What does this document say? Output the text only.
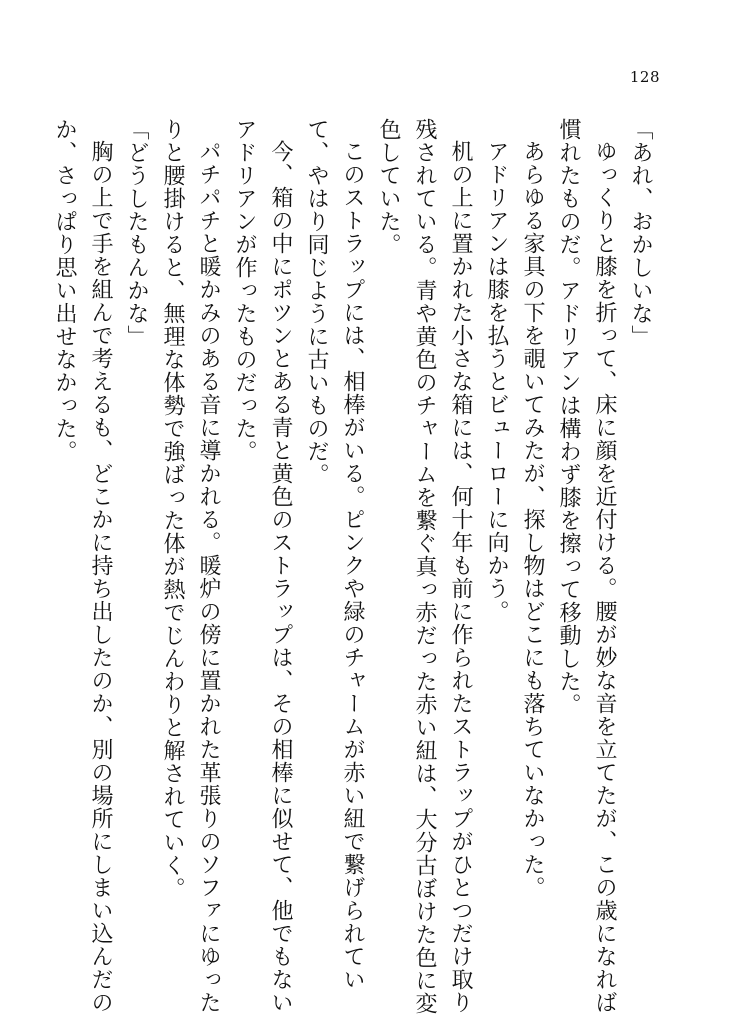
128

「あれ、おかしいな」

ゆっくりと膝を折って、床に顔を近付ける。腰が妙な音を立てたが、この歳になれば

慣れたものだ。アドリアンは構わず膝を擦って移動した。

あらゆる家具の下を覗いてみたが、探し物はどこにも落ちていなかった。

アドリアンは膝を払うとビューローに向かう。

机の上に置かれた小さな箱には、何十年も前に作られたストラップがひとつだけ取り

残されている。青や黄色のチャームを繋ぐ真っ赤だった赤い紐は、大分古ぼけた色に変

色していた。

このストラップには、相棒がいる。ピンクや緑のチャームが赤い紐で繋げられてい

て、やはり同じように古いものだ。

今、箱の中にポツンとある青と黄色のストラップは、その相棒に似せて、他でもない

アドリアンが作ったものだった。

パチパチと暖かみのある音に導かれる。暖炉の傍に置かれた革張りのソファにゆった

りと腰掛けると、無理な体勢で強ばった体が熱でじんわりと解されていく。

「どうしたもんかな」

胸の上で手を組んで考えるも、どこかに持ち出したのか、別の場所にしまい込んだの

か、さっぱり思い出せなかった。
